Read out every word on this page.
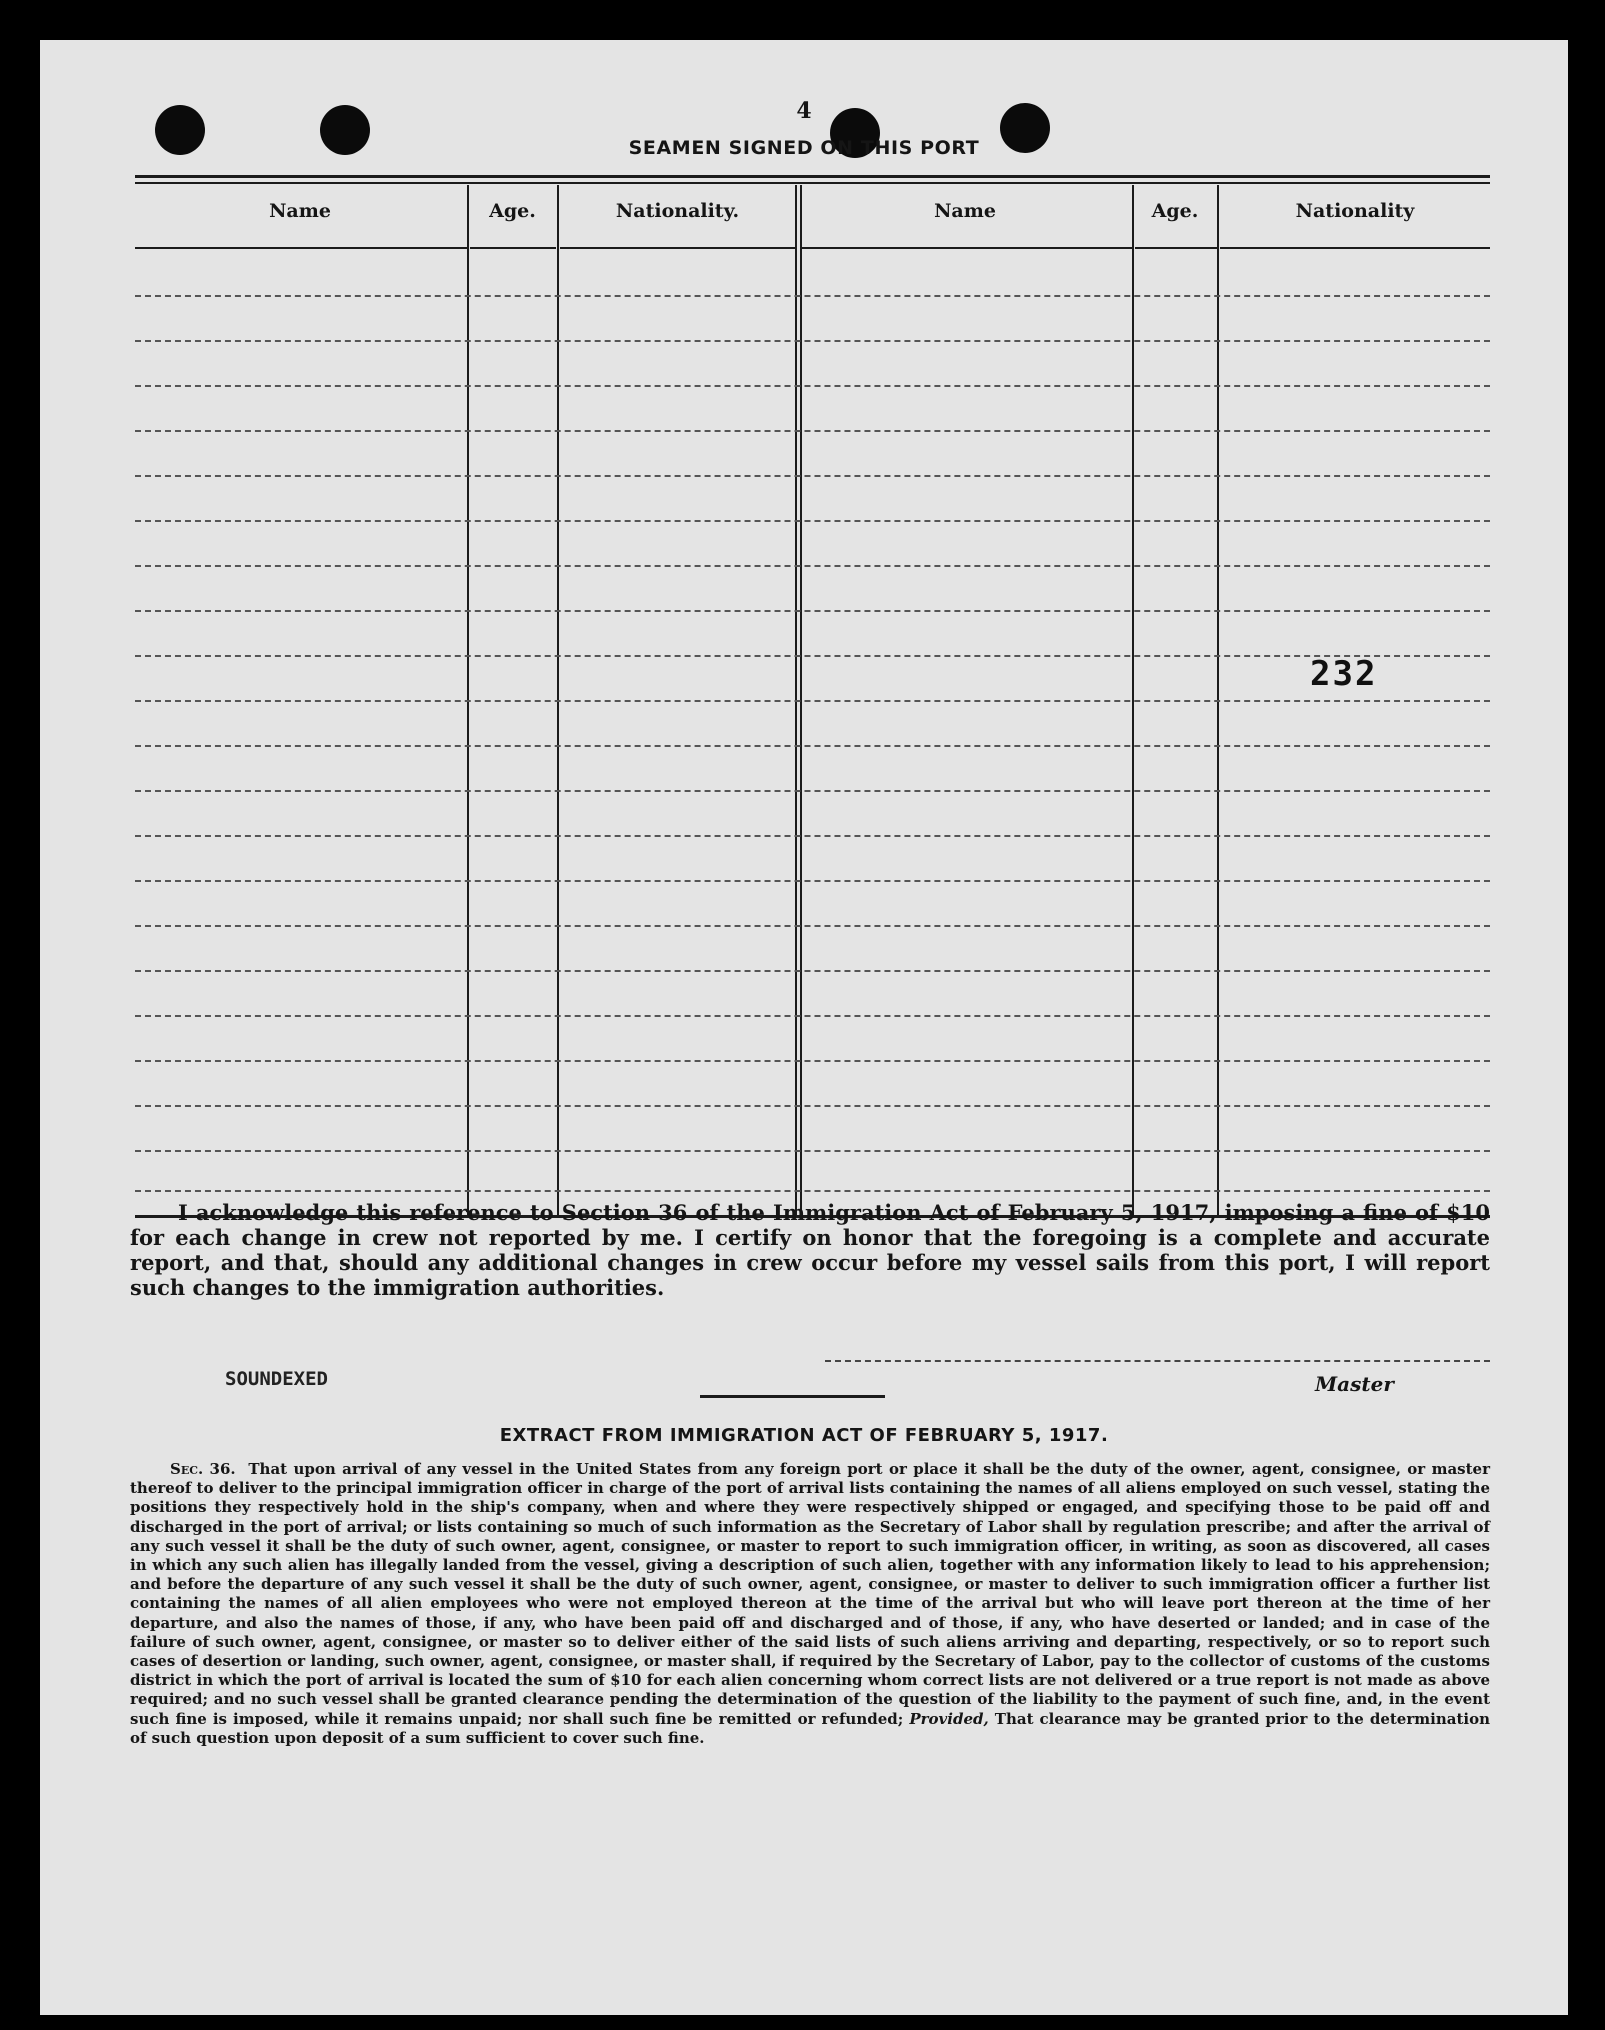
4
SEAMEN SIGNED ON THIS PORT
Name	Age.	Nationality.	Name	Age.	Nationality
232

I acknowledge this reference to Section 36 of the Immigration Act of February 5, 1917, imposing a fine of $10 for each change in crew not reported by me. I certify on honor that the foregoing is a complete and accurate report, and that, should any additional changes in crew occur before my vessel sails from this port, I will report such changes to the immigration authorities.

SOUNDEXED	Master
EXTRACT FROM IMMIGRATION ACT OF FEBRUARY 5, 1917.

Sec. 36. That upon arrival of any vessel in the United States from any foreign port or place it shall be the duty of the owner, agent, consignee, or master thereof to deliver to the principal immigration officer in charge of the port of arrival lists containing the names of all aliens employed on such vessel, stating the positions they respectively hold in the ship's company, when and where they were respectively shipped or engaged, and specifying those to be paid off and discharged in the port of arrival; or lists containing so much of such information as the Secretary of Labor shall by regulation prescribe; and after the arrival of any such vessel it shall be the duty of such owner, agent, consignee, or master to report to such immigration officer, in writing, as soon as discovered, all cases in which any such alien has illegally landed from the vessel, giving a description of such alien, together with any information likely to lead to his apprehension; and before the departure of any such vessel it shall be the duty of such owner, agent, consignee, or master to deliver to such immigration officer a further list containing the names of all alien employees who were not employed thereon at the time of the arrival but who will leave port thereon at the time of her departure, and also the names of those, if any, who have been paid off and discharged and of those, if any, who have deserted or landed; and in case of the failure of such owner, agent, consignee, or master so to deliver either of the said lists of such aliens arriving and departing, respectively, or so to report such cases of desertion or landing, such owner, agent, consignee, or master shall, if required by the Secretary of Labor, pay to the collector of customs of the customs district in which the port of arrival is located the sum of $10 for each alien concerning whom correct lists are not delivered or a true report is not made as above required; and no such vessel shall be granted clearance pending the determination of the question of the liability to the payment of such fine, and, in the event such fine is imposed, while it remains unpaid; nor shall such fine be remitted or refunded; Provided, That clearance may be granted prior to the determination of such question upon deposit of a sum sufficient to cover such fine.
